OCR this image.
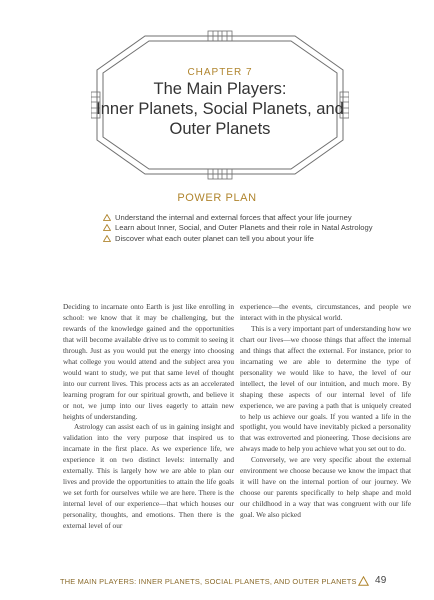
CHAPTER 7
The Main Players:
Inner Planets, Social Planets, and
Outer Planets
POWER PLAN
Understand the internal and external forces that affect your life journey
Learn about Inner, Social, and Outer Planets and their role in Natal Astrology
Discover what each outer planet can tell you about your life

Deciding to incarnate onto Earth is just like enrolling in school: we know that it may be challenging, but the rewards of the knowledge gained and the opportunities that will become available drive us to commit to seeing it through. Just as you would put the energy into choosing what college you would attend and the subject area you would want to study, we put that same level of thought into our current lives. This process acts as an accelerated learning program for our spiritual growth, and believe it or not, we jump into our lives eagerly to attain new heights of understanding.

Astrology can assist each of us in gaining insight and validation into the very purpose that inspired us to incarnate in the first place. As we experience life, we experience it on two distinct levels: internally and externally. This is largely how we are able to plan our lives and provide the opportunities to attain the life goals we set forth for ourselves while we are here. There is the internal level of our experience—that which houses our personality, thoughts, and emotions. Then there is the external level of our

experience—the events, circumstances, and people we interact with in the physical world.

This is a very important part of understanding how we chart our lives—we choose things that affect the internal and things that affect the external. For instance, prior to incarnating we are able to determine the type of personality we would like to have, the level of our intellect, the level of our intuition, and much more. By shaping these aspects of our internal level of life experience, we are paving a path that is uniquely created to help us achieve our goals. If you wanted a life in the spotlight, you would have inevitably picked a personality that was extroverted and pioneering. Those decisions are always made to help you achieve what you set out to do.

Conversely, we are very specific about the external environment we choose because we know the impact that it will have on the internal portion of our journey. We choose our parents specifically to help shape and mold our childhood in a way that was congruent with our life goal. We also picked

THE MAIN PLAYERS: INNER PLANETS, SOCIAL PLANETS, AND OUTER PLANETS 49
